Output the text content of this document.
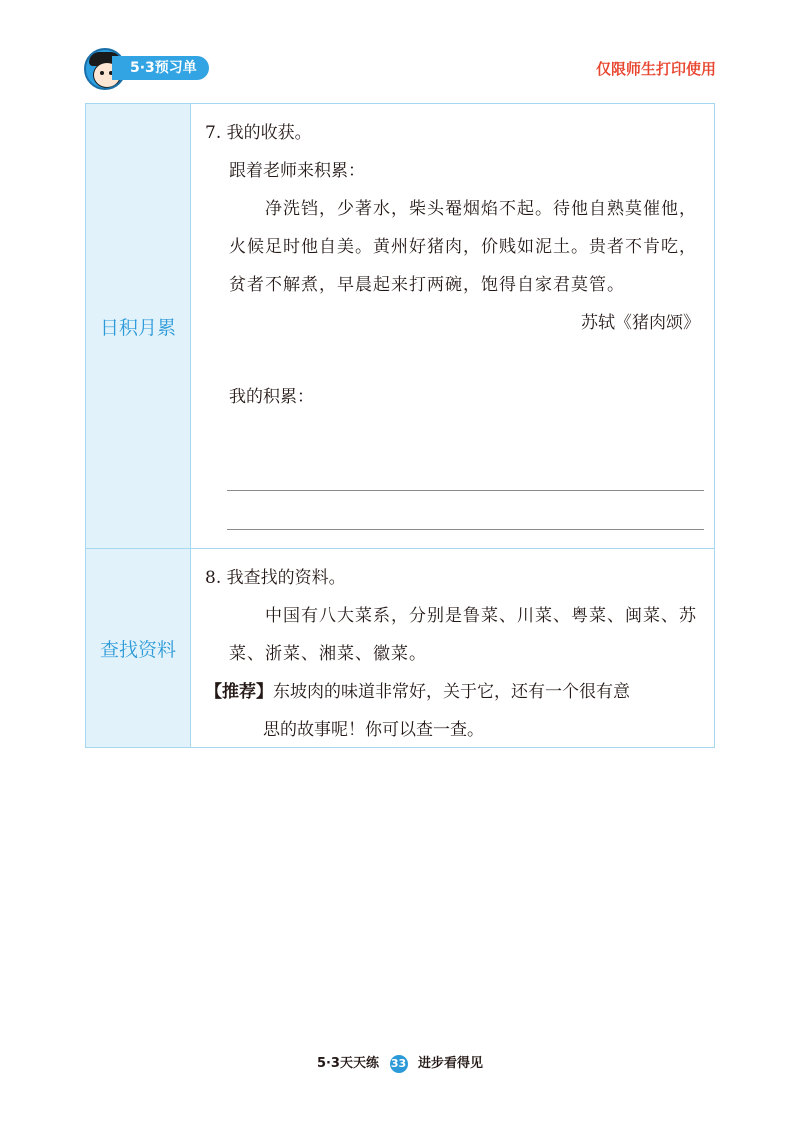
5·3预习单	仅限师生打印使用
日积月累

7. 我的收获。

跟着老师来积累：

净洗铛，少著水，柴头罨烟焰不起。待他自熟莫催他，火候足时他自美。黄州好猪肉，价贱如泥土。贵者不肯吃，贫者不解煮，早晨起来打两碗，饱得自家君莫管。

苏轼《猪肉颂》

我的积累：

查找资料

8. 我查找的资料。

中国有八大菜系，分别是鲁菜、川菜、粤菜、闽菜、苏菜、浙菜、湘菜、徽菜。

【推荐】东坡肉的味道非常好，关于它，还有一个很有意

思的故事呢！你可以查一查。

5·3天天练 33 进步看得见
